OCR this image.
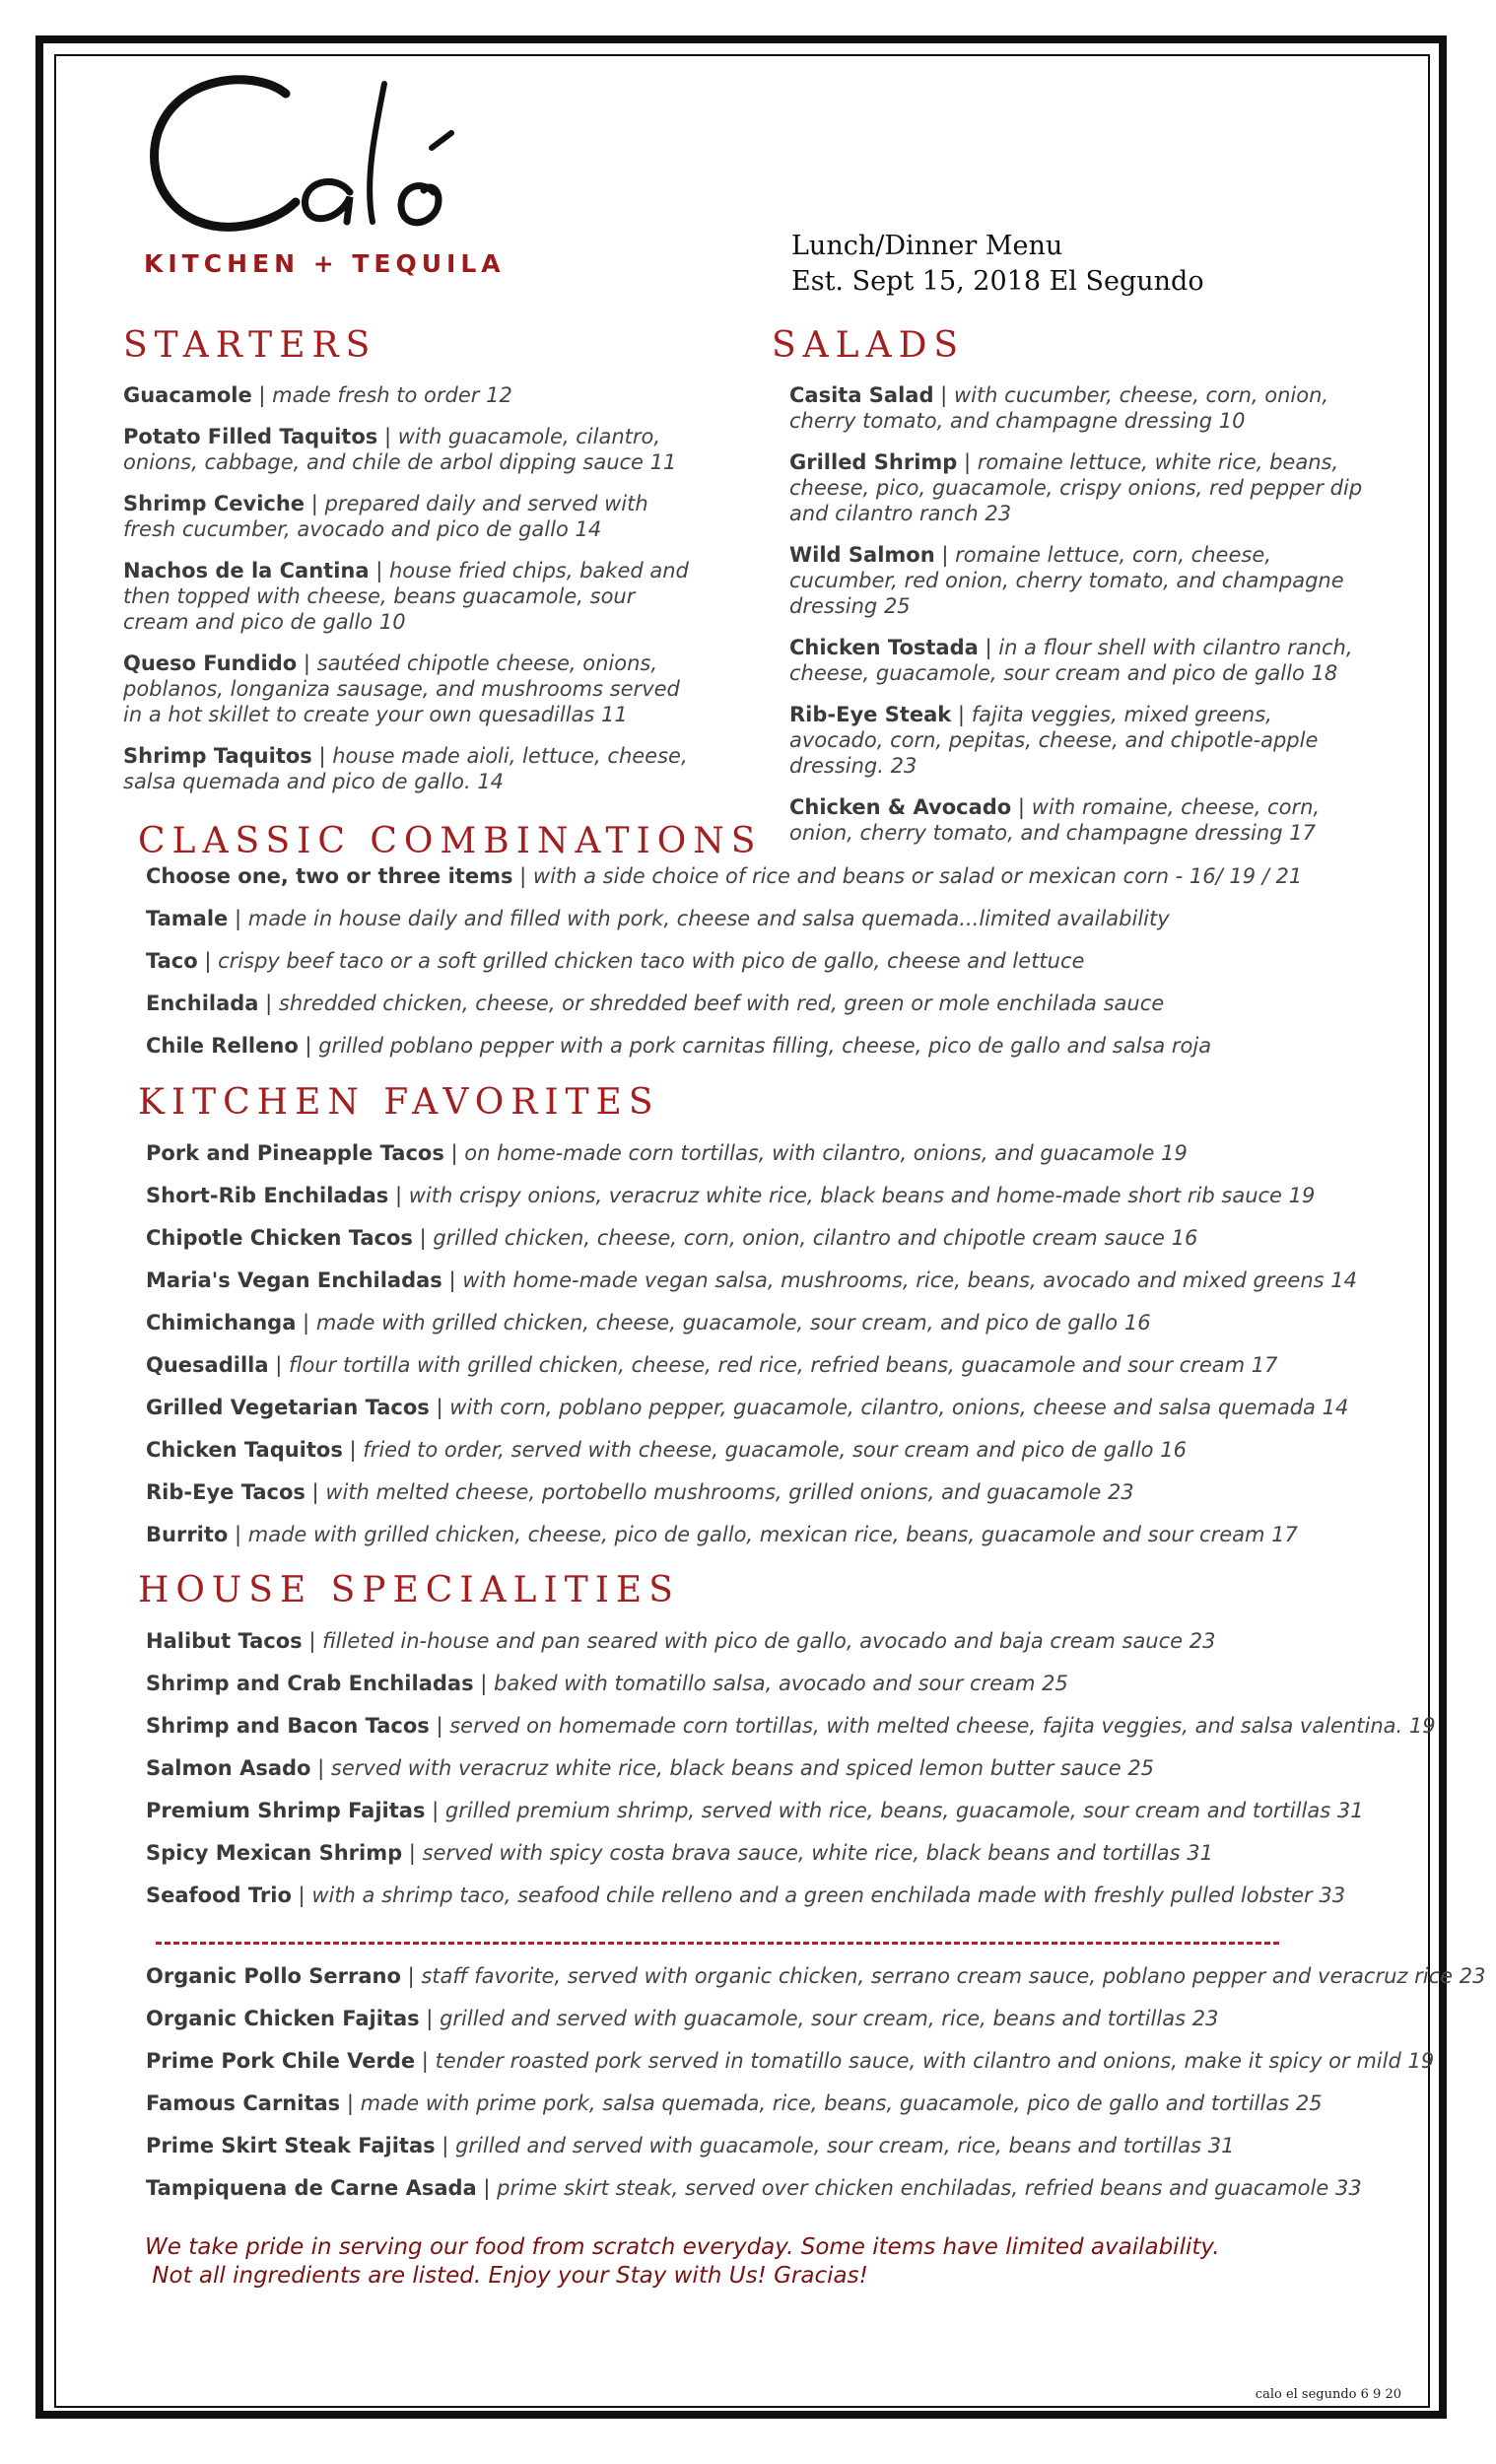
KITCHEN + TEQUILA
Lunch/Dinner Menu
Est. Sept 15, 2018 El Segundo
STARTERS
Guacamole | made fresh to order 12
Potato Filled Taquitos | with guacamole, cilantro, onions, cabbage, and chile de arbol dipping sauce 11
Shrimp Ceviche | prepared daily and served with fresh cucumber, avocado and pico de gallo 14
Nachos de la Cantina | house fried chips, baked and then topped with cheese, beans guacamole, sour cream and pico de gallo 10
Queso Fundido | sautéed chipotle cheese, onions, poblanos, longaniza sausage, and mushrooms served in a hot skillet to create your own quesadillas 11
Shrimp Taquitos | house made aioli, lettuce, cheese, salsa quemada and pico de gallo. 14
SALADS
Casita Salad | with cucumber, cheese, corn, onion, cherry tomato, and champagne dressing 10
Grilled Shrimp | romaine lettuce, white rice, beans, cheese, pico, guacamole, crispy onions, red pepper dip and cilantro ranch 23
Wild Salmon | romaine lettuce, corn, cheese, cucumber, red onion, cherry tomato, and champagne dressing 25
Chicken Tostada | in a flour shell with cilantro ranch, cheese, guacamole, sour cream and pico de gallo 18
Rib-Eye Steak | fajita veggies, mixed greens, avocado, corn, pepitas, cheese, and chipotle-apple dressing. 23
Chicken & Avocado | with romaine, cheese, corn, onion, cherry tomato, and champagne dressing 17
CLASSIC COMBINATIONS
Choose one, two or three items | with a side choice of rice and beans or salad or mexican corn - 16/ 19 / 21
Tamale | made in house daily and filled with pork, cheese and salsa quemada...limited availability
Taco | crispy beef taco or a soft grilled chicken taco with pico de gallo, cheese and lettuce
Enchilada | shredded chicken, cheese, or shredded beef with red, green or mole enchilada sauce
Chile Relleno | grilled poblano pepper with a pork carnitas filling, cheese, pico de gallo and salsa roja
KITCHEN FAVORITES
Pork and Pineapple Tacos | on home-made corn tortillas, with cilantro, onions, and guacamole 19
Short-Rib Enchiladas | with crispy onions, veracruz white rice, black beans and home-made short rib sauce 19
Chipotle Chicken Tacos | grilled chicken, cheese, corn, onion, cilantro and chipotle cream sauce 16
Maria's Vegan Enchiladas | with home-made vegan salsa, mushrooms, rice, beans, avocado and mixed greens 14
Chimichanga | made with grilled chicken, cheese, guacamole, sour cream, and pico de gallo 16
Quesadilla | flour tortilla with grilled chicken, cheese, red rice, refried beans, guacamole and sour cream 17
Grilled Vegetarian Tacos | with corn, poblano pepper, guacamole, cilantro, onions, cheese and salsa quemada 14
Chicken Taquitos | fried to order, served with cheese, guacamole, sour cream and pico de gallo 16
Rib-Eye Tacos | with melted cheese, portobello mushrooms, grilled onions, and guacamole 23
Burrito | made with grilled chicken, cheese, pico de gallo, mexican rice, beans, guacamole and sour cream 17
HOUSE SPECIALITIES
Halibut Tacos | filleted in-house and pan seared with pico de gallo, avocado and baja cream sauce 23
Shrimp and Crab Enchiladas | baked with tomatillo salsa, avocado and sour cream 25
Shrimp and Bacon Tacos | served on homemade corn tortillas, with melted cheese, fajita veggies, and salsa valentina. 19
Salmon Asado | served with veracruz white rice, black beans and spiced lemon butter sauce 25
Premium Shrimp Fajitas | grilled premium shrimp, served with rice, beans, guacamole, sour cream and tortillas 31
Spicy Mexican Shrimp | served with spicy costa brava sauce, white rice, black beans and tortillas 31
Seafood Trio | with a shrimp taco, seafood chile relleno and a green enchilada made with freshly pulled lobster 33
Organic Pollo Serrano | staff favorite, served with organic chicken, serrano cream sauce, poblano pepper and veracruz rice 23
Organic Chicken Fajitas | grilled and served with guacamole, sour cream, rice, beans and tortillas 23
Prime Pork Chile Verde | tender roasted pork served in tomatillo sauce, with cilantro and onions, make it spicy or mild 19
Famous Carnitas | made with prime pork, salsa quemada, rice, beans, guacamole, pico de gallo and tortillas 25
Prime Skirt Steak Fajitas | grilled and served with guacamole, sour cream, rice, beans and tortillas 31
Tampiquena de Carne Asada | prime skirt steak, served over chicken enchiladas, refried beans and guacamole 33
We take pride in serving our food from scratch everyday. Some items have limited availability.
Not all ingredients are listed. Enjoy your Stay with Us! Gracias!
calo el segundo 6 9 20
